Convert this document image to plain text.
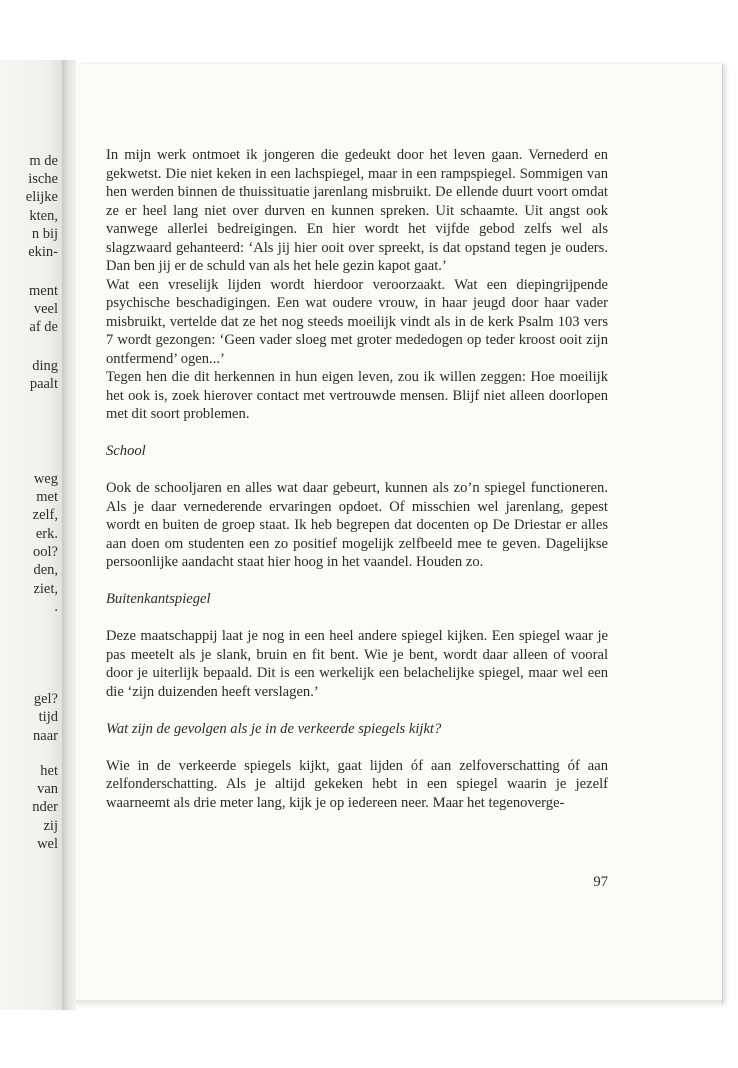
m de
ische
elijke
kten,
n bij
ekin-
ment
veel
af de
ding
paalt
weg
met
zelf,
erk.
ool?
den,
ziet,
.
gel?
tijd
naar
het
van
nder
zij
wel

In mijn werk ontmoet ik jongeren die gedeukt door het leven gaan. Vernederd en gekwetst. Die niet keken in een lachspiegel, maar in een rampspiegel. Sommigen van hen werden binnen de thuissituatie jarenlang misbruikt. De ellende duurt voort omdat ze er heel lang niet over durven en kunnen spreken. Uit schaamte. Uit angst ook vanwege allerlei bedreigingen. En hier wordt het vijfde gebod zelfs wel als slagzwaard gehanteerd: ‘Als jij hier ooit over spreekt, is dat opstand tegen je ouders. Dan ben jij er de schuld van als het hele gezin kapot gaat.’

Wat een vreselijk lijden wordt hierdoor veroorzaakt. Wat een diepingrijpende psychische beschadigingen. Een wat oudere vrouw, in haar jeugd door haar vader misbruikt, vertelde dat ze het nog steeds moeilijk vindt als in de kerk Psalm 103 vers 7 wordt gezongen: ‘Geen vader sloeg met groter mededogen op teder kroost ooit zijn ontfermend’ ogen...’

Tegen hen die dit herkennen in hun eigen leven, zou ik willen zeggen: Hoe moeilijk het ook is, zoek hierover contact met vertrouwde mensen. Blijf niet alleen doorlopen met dit soort problemen.

School

Ook de schooljaren en alles wat daar gebeurt, kunnen als zo’n spiegel functioneren. Als je daar vernederende ervaringen opdoet. Of misschien wel jarenlang, gepest wordt en buiten de groep staat. Ik heb begrepen dat docenten op De Driestar er alles aan doen om studenten een zo positief mogelijk zelfbeeld mee te geven. Dagelijkse persoonlijke aandacht staat hier hoog in het vaandel. Houden zo.

Buitenkantspiegel

Deze maatschappij laat je nog in een heel andere spiegel kijken. Een spiegel waar je pas meetelt als je slank, bruin en fit bent. Wie je bent, wordt daar alleen of vooral door je uiterlijk bepaald. Dit is een werkelijk een belachelijke spiegel, maar wel een die ‘zijn duizenden heeft verslagen.’

Wat zijn de gevolgen als je in de verkeerde spiegels kijkt?

Wie in de verkeerde spiegels kijkt, gaat lijden óf aan zelfoverschatting óf aan zelfonderschatting. Als je altijd gekeken hebt in een spiegel waarin je jezelf waarneemt als drie meter lang, kijk je op iedereen neer. Maar het tegenoverge-

97
